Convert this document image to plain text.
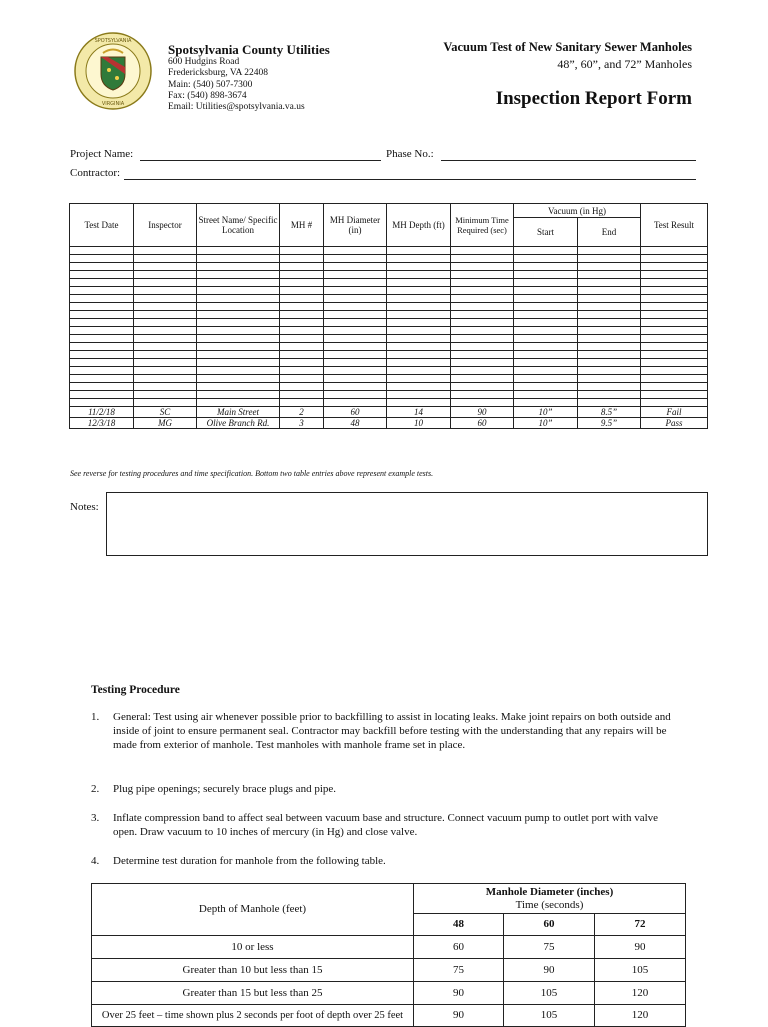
SPOTSYLVANIA
VIRGINIA
Spotsylvania County Utilities
600 Hudgins Road
Fredericksburg, VA 22408
Main: (540) 507-7300
Fax: (540) 898-3674
Email: Utilities@spotsylvania.va.us
Vacuum Test of New Sanitary Sewer Manholes
48”, 60”, and 72” Manholes
Inspection Report Form
Project Name:	Phase No.:
Contractor:
Test Date	Inspector	Street Name/ Specific Location	MH #	MH Diameter (in)	MH Depth (ft)	Minimum Time Required (sec)	Vacuum (in Hg)		Test Result
							Start	End	

11/2/18	SC	Main Street	2	60	14	90	10”	8.5”	Fail
12/3/18	MG	Olive Branch Rd.	3	48	10	60	10”	9.5”	Pass
See reverse for testing procedures and time specification. Bottom two table entries above represent example tests.
Notes:
Testing Procedure
1. General: Test using air whenever possible prior to backfilling to assist in locating leaks. Make joint repairs on both outside and inside of joint to ensure permanent seal. Contractor may backfill before testing with the understanding that any repairs will be made from exterior of manhole. Test manholes with manhole frame set in place.
2. Plug pipe openings; securely brace plugs and pipe.
3. Inflate compression band to affect seal between vacuum base and structure. Connect vacuum pump to outlet port with valve open. Draw vacuum to 10 inches of mercury (in Hg) and close valve.
4. Determine test duration for manhole from the following table.
Depth of Manhole (feet)	Manhole Diameter (inches)
Time (seconds)		

	48	60	72
10 or less	60	75	90
Greater than 10 but less than 15	75	90	105
Greater than 15 but less than 25	90	105	120
Over 25 feet – time shown plus 2 seconds per foot of depth over 25 feet	90	105	120
